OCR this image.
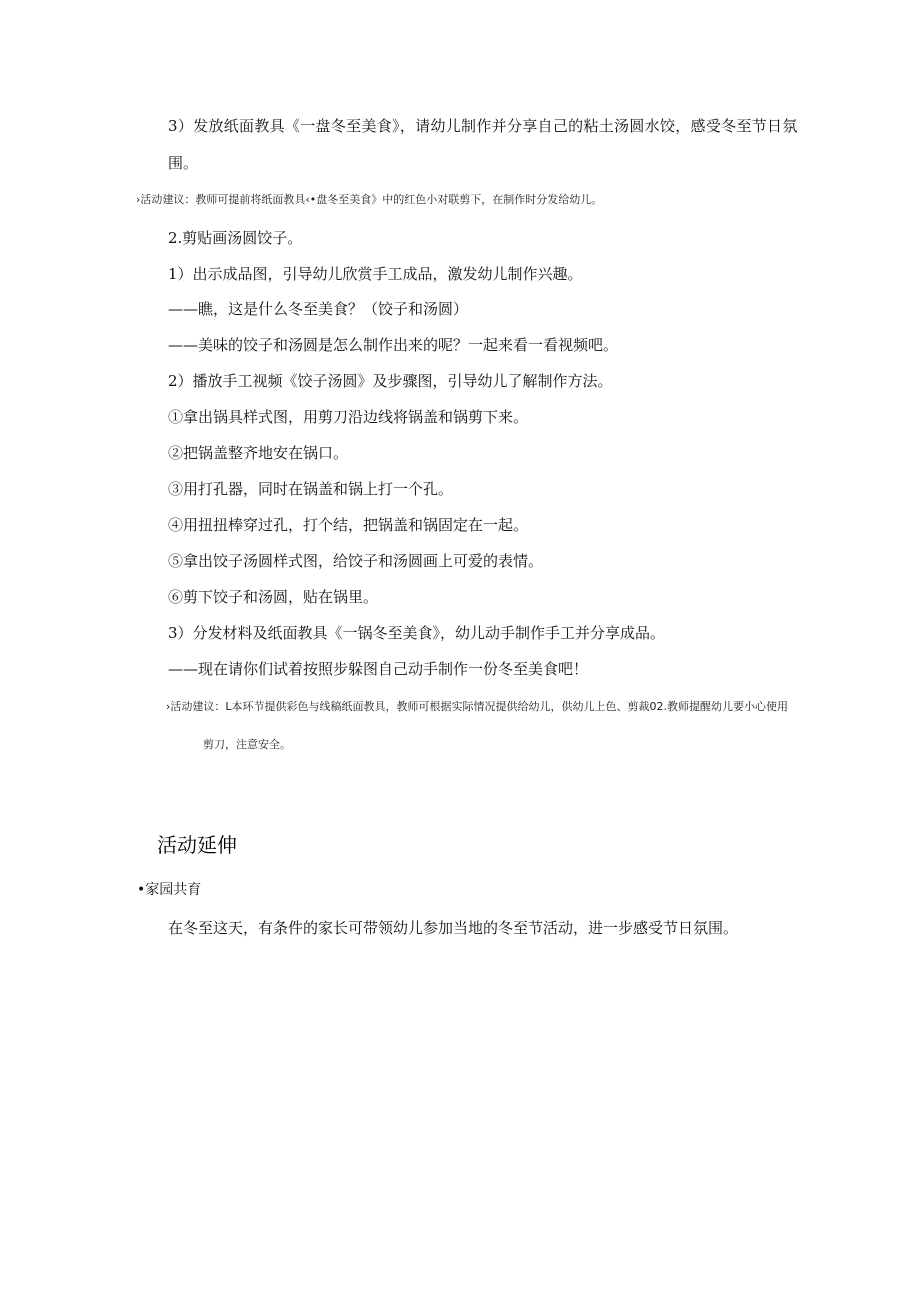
3）发放纸面教具《一盘冬至美食》，请幼儿制作并分享自己的粘土汤圆水饺，感受冬至节日氛
围。
›活动建议：教师可提前将纸面教具‹•盘冬至美食》中的红色小对联剪下，在制作时分发给幼儿。
2.剪贴画汤圆饺子。
1）出示成品图，引导幼儿欣赏手工成品，激发幼儿制作兴趣。
——瞧，这是什么冬至美食？（饺子和汤圆）
——美味的饺子和汤圆是怎么制作出来的呢？一起来看一看视频吧。
2）播放手工视频《饺子汤圆》及步骤图，引导幼儿了解制作方法。
①拿出锅具样式图，用剪刀沿边线将锅盖和锅剪下来。
②把锅盖整齐地安在锅口。
③用打孔器，同时在锅盖和锅上打一个孔。
④用扭扭棒穿过孔，打个结，把锅盖和锅固定在一起。
⑤拿出饺子汤圆样式图，给饺子和汤圆画上可爱的表情。
⑥剪下饺子和汤圆，贴在锅里。
3）分发材料及纸面教具《一锅冬至美食》，幼儿动手制作手工并分享成品。
——现在请你们试着按照步躲图自己动手制作一份冬至美食吧！
›活动建议：L本环节提供彩色与线稿纸面教具，教师可根据实际情况提供给幼儿，供幼儿上色、剪裁02.教师提醒幼儿要小心使用
剪刀，注意安全。
活动延伸
•家园共育
在冬至这天，有条件的家长可带领幼儿参加当地的冬至节活动，进一步感受节日氛围。
